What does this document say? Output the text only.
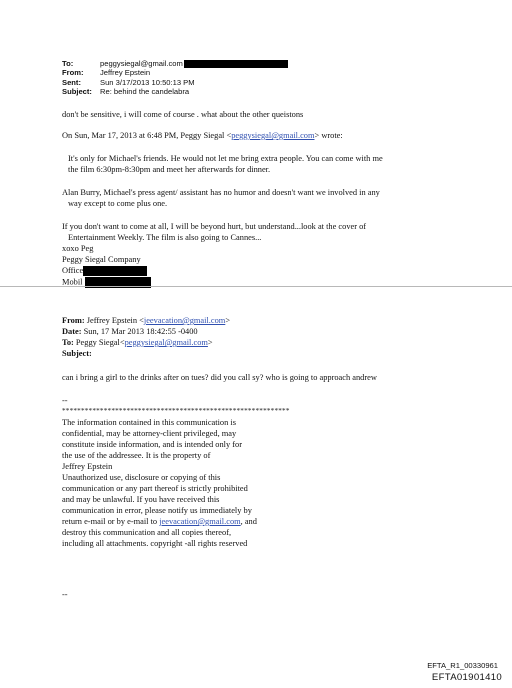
To:	peggysiegal@gmail.com
From:	Jeffrey Epstein
Sent:	Sun 3/17/2013 10:50:13 PM
Subject:	Re: behind the candelabra
don't be sensitive, i will come of course . what about the other queistons
On Sun, Mar 17, 2013 at 6:48 PM, Peggy Siegal <peggysiegal@gmail.com> wrote:
It's only for Michael's friends. He would not let me bring extra people. You can come with me
the film 6:30pm-8:30pm and meet her afterwards for dinner.
Alan Burry, Michael's press agent/ assistant has no humor and doesn't want we involved in any
way except to come plus one.
If you don't want to come at all, I will be beyond hurt, but understand...look at the cover of
Entertainment Weekly. The film is also going to Cannes...
xoxo Peg
Peggy Siegal Company
Office
Mobil
From: Jeffrey Epstein <jeevacation@gmail.com>
Date: Sun, 17 Mar 2013 18:42:55 -0400
To: Peggy Siegal<peggysiegal@gmail.com>
Subject:
can i bring a girl to the drinks after on tues? did you call sy? who is going to approach andrew
--
************************************************************
The information contained in this communication is
confidential, may be attorney-client privileged, may
constitute inside information, and is intended only for
the use of the addressee. It is the property of
Jeffrey Epstein
Unauthorized use, disclosure or copying of this
communication or any part thereof is strictly prohibited
and may be unlawful. If you have received this
communication in error, please notify us immediately by
return e-mail or by e-mail to jeevacation@gmail.com, and
destroy this communication and all copies thereof,
including all attachments. copyright -all rights reserved
--
EFTA_R1_00330961
EFTA01901410
